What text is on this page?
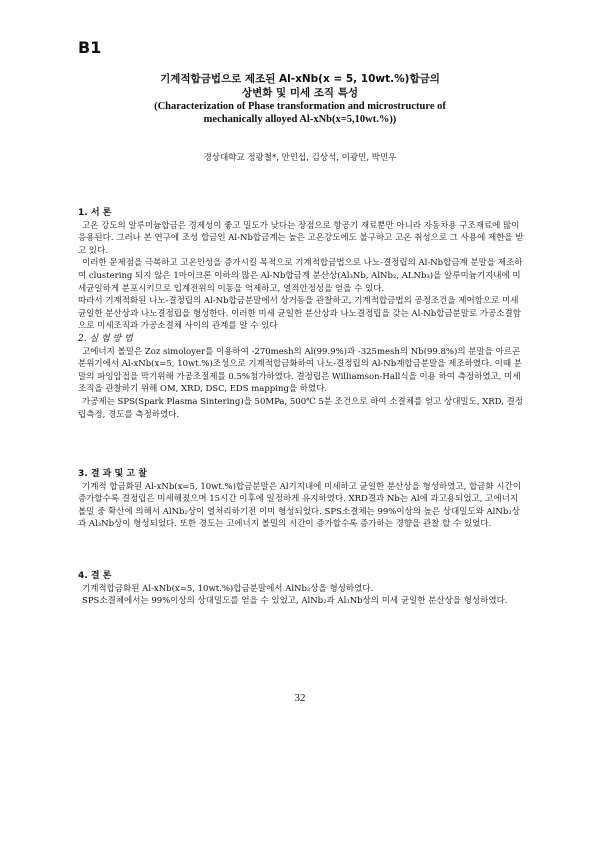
B1
기계적합금법으로 제조된 Al-xNb(x = 5, 10wt.%)합금의
상변화 및 미세 조직 특성
(Characterization of Phase transformation and microstructure of
mechanically alloyed Al-xNb(x=5,10wt.%))
경상대학교 정광철*, 안인섭, 김상석, 이광민, 박민우
1. 서 론

고온 강도의 알루미늄합금은 경제성이 좋고 밀도가 낮다는 장점으로 항공기 재료뿐만 아니라 자동차용 구조재료에 많이 응용된다. 그러나 본 연구에 조성 합금인 Al-Nb합금계는 높은 고온강도에도 불구하고 고온 취성으로 그 사용에 제한을 받고 있다.

이러한 문제점을 극복하고 고온인성을 증가시킬 목적으로 기계적합금법으로 나노-결정립의 Al-Nb합금계 분말을 제조하여 clustering 되지 않은 1마이크론 이하의 많은 Al-Nb합금계 분산상(Al₃Nb, AlNb₂, ALNb₃)을 알루미늄기지내에 미세균일하게 분포시키므로 입계전위의 이동을 억제하고, 열적안정성을 얻을 수 있다.

따라서 기계적화된 나노-결정립의 Al-Nb합금분말에서 상거동을 관찰하고, 기계적합금법의 공정조건을 제어함으로 미세균일한 분산상과 나노결정립을 형성한다. 이러한 미세 균일한 분산상과 나노결정립을 갖는 Al-Nb합금분말로 가공소결함으로 미세조직과 가공소결체 사이의 관계를 알 수 있다

2. 실 험 방 법

고에너지 볼밀은 Zoz simoloyer를 이용하여 -270mesh의 Al(99.9%)과 -325mesh의 Nb(99.8%)의 분말을 아르곤 분위기에서 Al-xNb(x=5, 10wt.%)조성으로 기계적합금화하여 나노-결정립의 Al-Nb계합금분말을 제조하였다. 이때 분말의 파잉압접을 막기위해 가공조절제를 0.5%첨가하였다. 결정립은 Williamson-Hall식을 이용 하여 측정하였고, 미세조직을 관찰하기 위해 OM, XRD, DSC, EDS mapping을 하였다.

가공제는 SPS(Spark Plasma Sintering)을 50MPa, 500℃ 5분 조건으로 하여 소결체를 얻고 상대밀도, XRD, 결정립측정, 경도를 측정하였다.

3. 결 과 및 고 찰

기계적 합금화된 Al-xNb(x=5, 10wt.%)합금분말은 Al기지내에 미세하고 균일한 분산상을 형성하였고, 합금화 시간이 증가할수록 결정립은 미세해졌으며 15시간 이후에 일정하게 유지하였다. XRD결과 Nb는 Al에 과고용되었고, 고에너지 볼밀 중 확산에 의해서 AlNb₂상이 열처리하기전 이미 형성되었다. SPS소결체는 99%이상의 높은 상대밀도와 AlNb₂상과 Al₃Nb상이 형성되었다. 또한 경도는 고에너지 볼밀의 시간이 증가할수록 증가하는 경향을 관찰 할 수 있었다.

4. 결 론

기계적합금화된 Al-xNb(x=5, 10wt.%)합금분말에서 AlNb₂상을 형성하였다.

SPS소결체에서는 99%이상의 상대밀도를 얻을 수 있었고, AlNb₂과 Al₃Nb상의 미세 균일한 분산상을 형성하였다.

32
